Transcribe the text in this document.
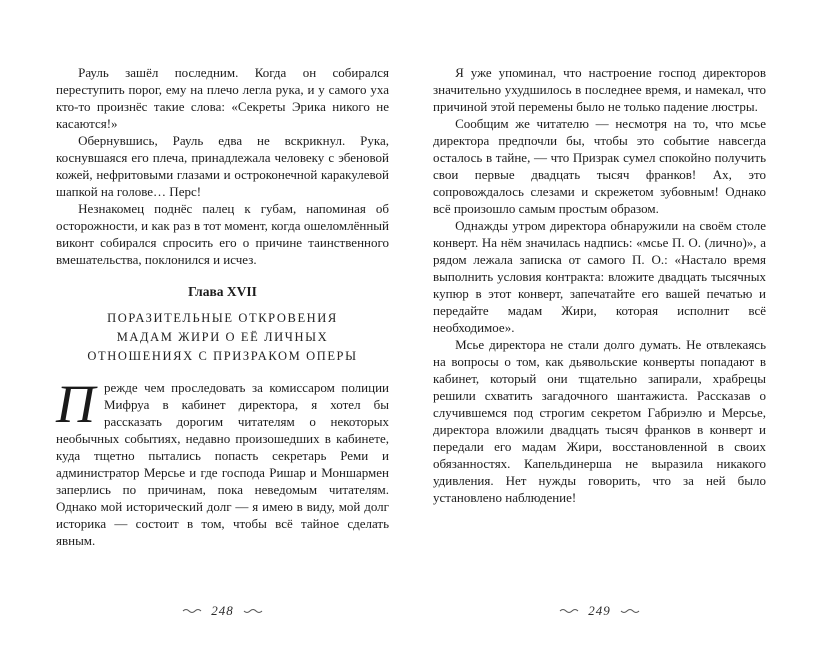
Рауль зашёл последним. Когда он собирался переступить порог, ему на плечо легла рука, и у самого уха кто-то произнёс такие слова: «Секреты Эрика никого не касаются!»

Обернувшись, Рауль едва не вскрикнул. Рука, коснувшаяся его плеча, принадлежала человеку с эбеновой кожей, нефритовыми глазами и остроконечной каракулевой шапкой на голове… Перс!

Незнакомец поднёс палец к губам, напоминая об осторожности, и как раз в тот момент, когда ошеломлённый виконт собирался спросить его о причине таинственного вмешательства, поклонился и исчез.

Глава XVII
ПОРАЗИТЕЛЬНЫЕ ОТКРОВЕНИЯ
МАДАМ ЖИРИ О ЕЁ ЛИЧНЫХ
ОТНОШЕНИЯХ С ПРИЗРАКОМ ОПЕРЫ

Прежде чем проследовать за комиссаром полиции Мифруа в кабинет директора, я хотел бы рассказать дорогим читателям о некоторых необычных событиях, недавно произошедших в кабинете, куда тщетно пытались попасть секретарь Реми и администратор Мерсье и где господа Ришар и Моншармен заперлись по причинам, пока неведомым читателям. Однако мой исторический долг — я имею в виду, мой долг историка — состоит в том, чтобы всё тайное сделать явным.

248

Я уже упоминал, что настроение господ директоров значительно ухудшилось в последнее время, и намекал, что причиной этой перемены было не только падение люстры.

Сообщим же читателю — несмотря на то, что мсье директора предпочли бы, чтобы это событие навсегда осталось в тайне, — что Призрак сумел спокойно получить свои первые двадцать тысяч франков! Ах, это сопровождалось слезами и скрежетом зубовным! Однако всё произошло самым простым образом.

Однажды утром директора обнаружили на своём столе конверт. На нём значилась надпись: «мсье П. О. (лично)», а рядом лежала записка от самого П. О.: «Настало время выполнить условия контракта: вложите двадцать тысячных купюр в этот конверт, запечатайте его вашей печатью и передайте мадам Жири, которая исполнит всё необходимое».

Мсье директора не стали долго думать. Не отвлекаясь на вопросы о том, как дьявольские конверты попадают в кабинет, который они тщательно запирали, храбрецы решили схватить загадочного шантажиста. Рассказав о случившемся под строгим секретом Габриэлю и Мерсье, директора вложили двадцать тысяч франков в конверт и передали его мадам Жири, восстановленной в своих обязанностях. Капельдинерша не выразила никакого удивления. Нет нужды говорить, что за ней было установлено наблюдение!

249
